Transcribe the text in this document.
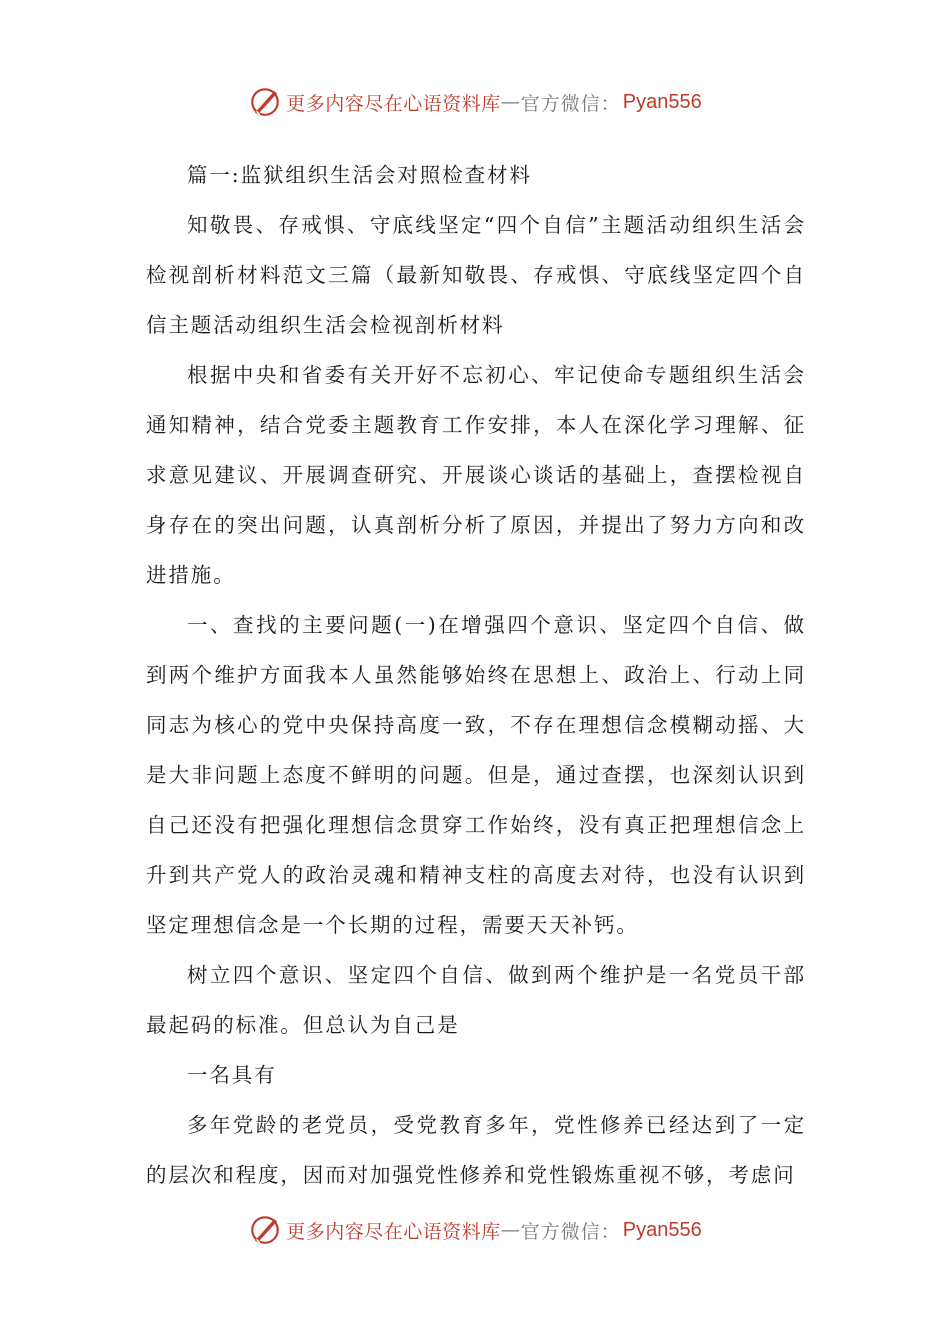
更多内容尽在心语资料库 — 官方微信： Pyan556

篇一:监狱组织生活会对照检查材料

知敬畏、存戒惧、守底线坚定“四个自信”主题活动组织生活会检视剖析材料范文三篇（最新知敬畏、存戒惧、守底线坚定四个自信主题活动组织生活会检视剖析材料

根据中央和省委有关开好不忘初心、牢记使命专题组织生活会通知精神，结合党委主题教育工作安排，本人在深化学习理解、征求意见建议、开展调查研究、开展谈心谈话的基础上，查摆检视自身存在的突出问题，认真剖析分析了原因，并提出了努力方向和改进措施。

一、查找的主要问题(一)在增强四个意识、坚定四个自信、做到两个维护方面我本人虽然能够始终在思想上、政治上、行动上同同志为核心的党中央保持高度一致，不存在理想信念模糊动摇、大是大非问题上态度不鲜明的问题。但是，通过查摆，也深刻认识到自己还没有把强化理想信念贯穿工作始终，没有真正把理想信念上升到共产党人的政治灵魂和精神支柱的高度去对待，也没有认识到坚定理想信念是一个长期的过程，需要天天补钙。

树立四个意识、坚定四个自信、做到两个维护是一名党员干部最起码的标准。但总认为自己是

一名具有

多年党龄的老党员，受党教育多年，党性修养已经达到了一定的层次和程度，因而对加强党性修养和党性锻炼重视不够，考虑问

更多内容尽在心语资料库 — 官方微信： Pyan556
